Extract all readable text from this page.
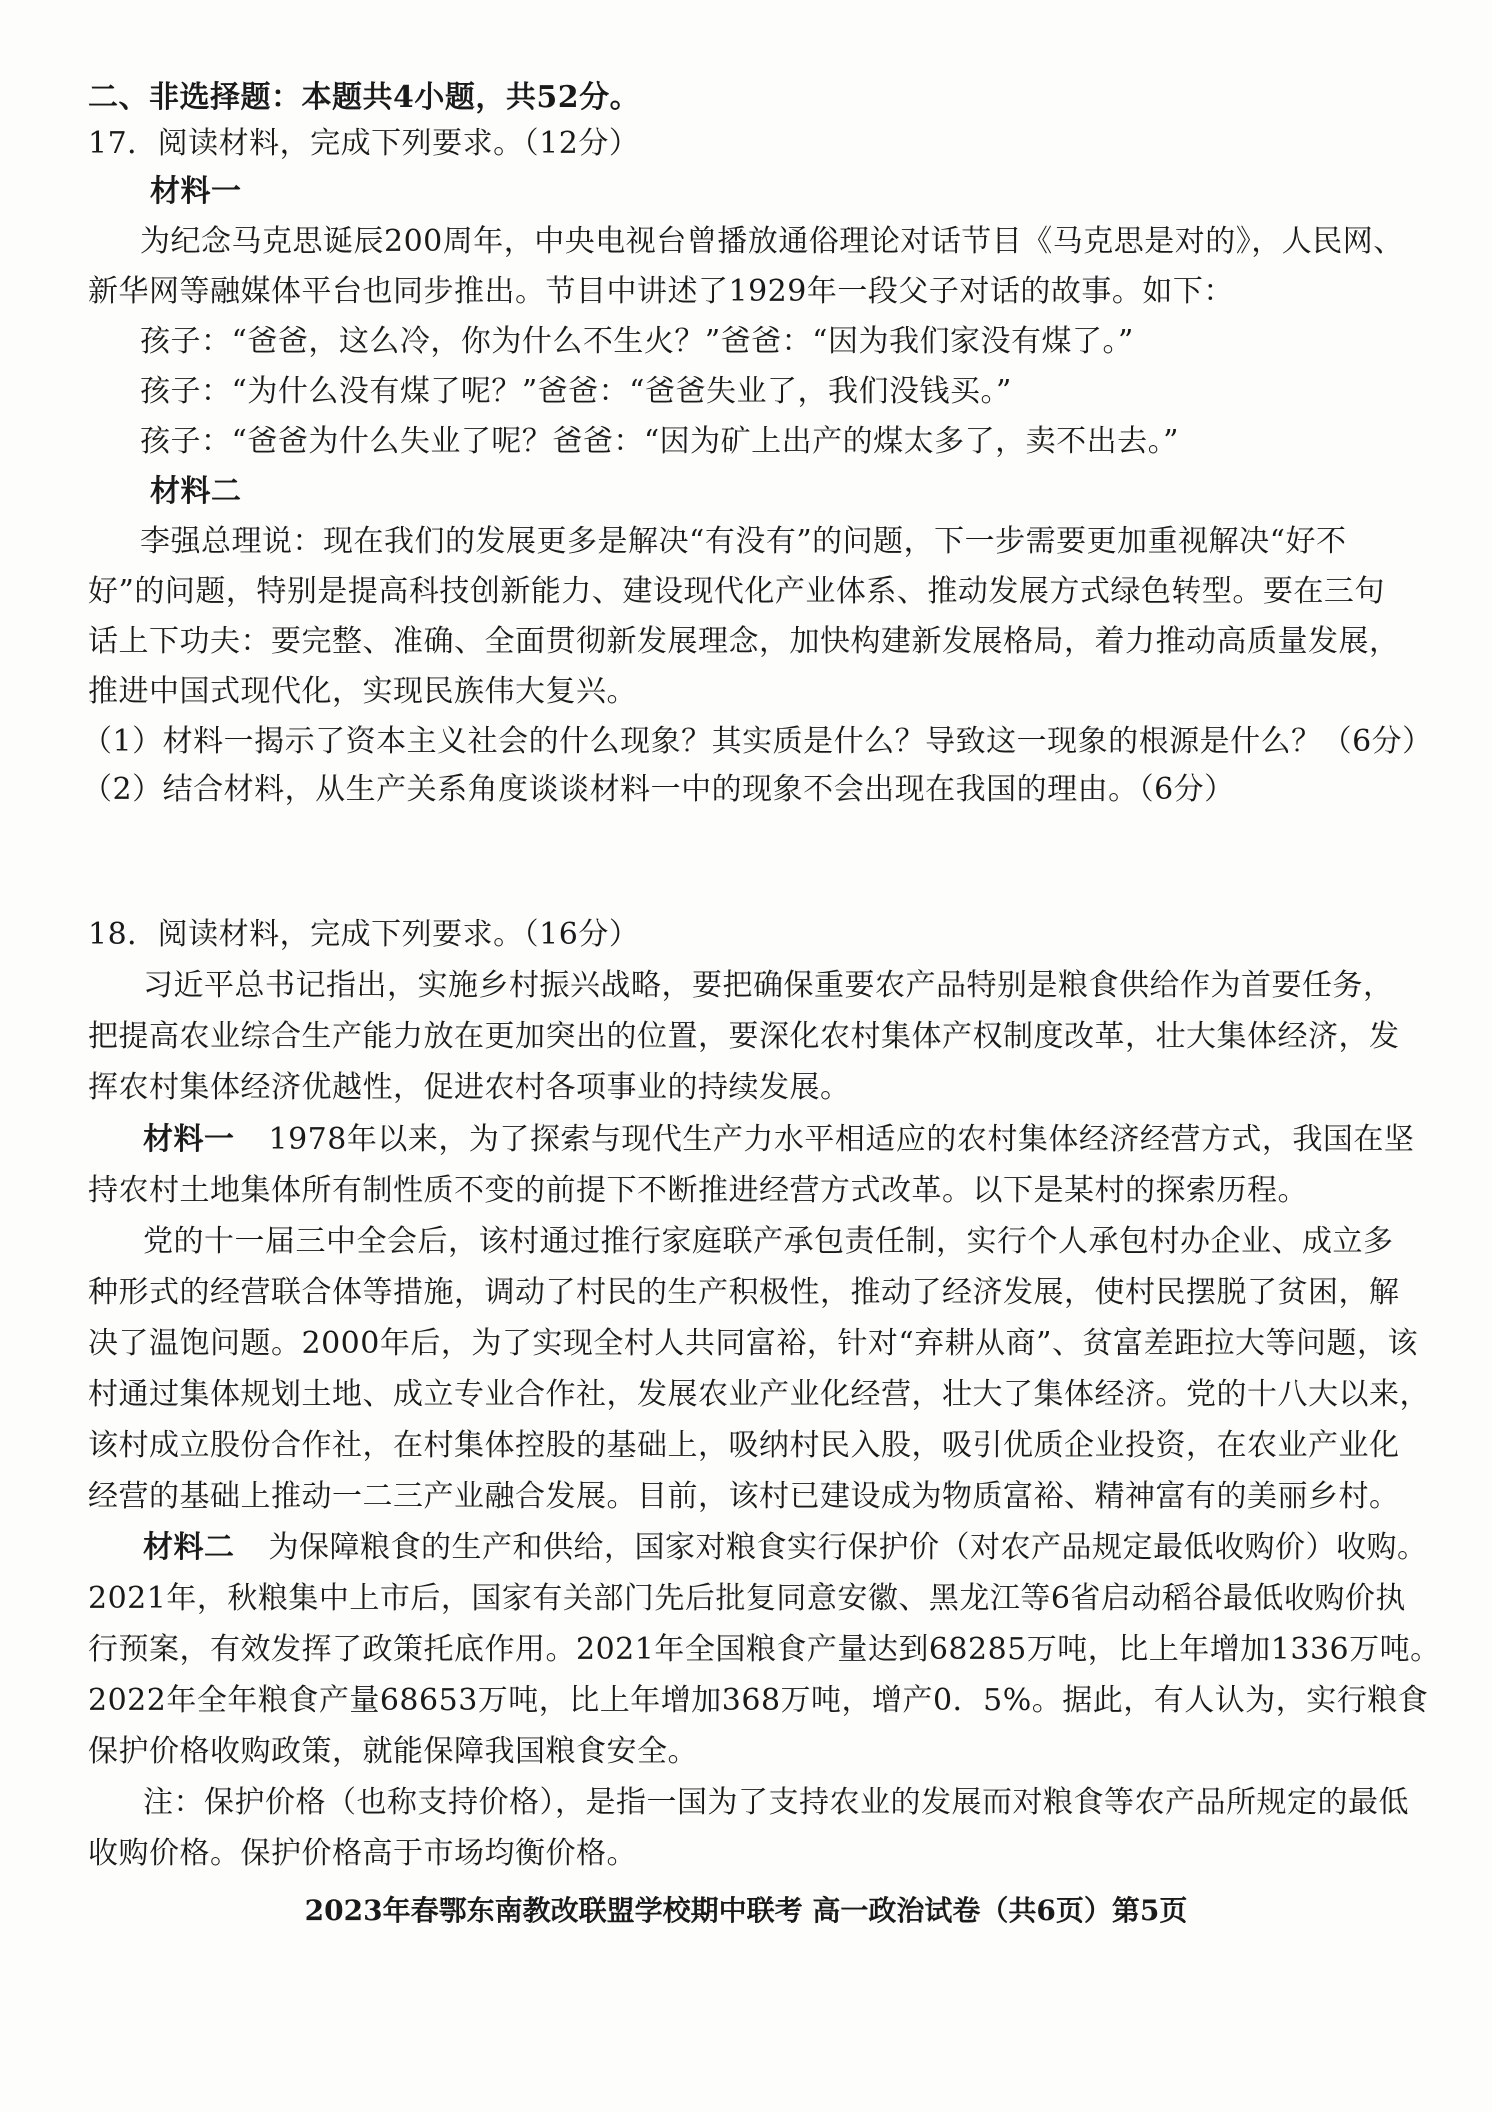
二、非选择题：本题共4小题，共52分。
17．阅读材料，完成下列要求。（12分）
材料一
为纪念马克思诞辰200周年，中央电视台曾播放通俗理论对话节目《马克思是对的》，人民网、
新华网等融媒体平台也同步推出。节目中讲述了1929年一段父子对话的故事。如下：
孩子：“爸爸，这么冷，你为什么不生火？”爸爸：“因为我们家没有煤了。”
孩子：“为什么没有煤了呢？”爸爸：“爸爸失业了，我们没钱买。”
孩子：“爸爸为什么失业了呢？爸爸：“因为矿上出产的煤太多了，卖不出去。”
材料二
李强总理说：现在我们的发展更多是解决“有没有”的问题，下一步需要更加重视解决“好不
好”的问题，特别是提高科技创新能力、建设现代化产业体系、推动发展方式绿色转型。要在三句
话上下功夫：要完整、准确、全面贯彻新发展理念，加快构建新发展格局，着力推动高质量发展，
推进中国式现代化，实现民族伟大复兴。
（1）材料一揭示了资本主义社会的什么现象？其实质是什么？导致这一现象的根源是什么？（6分）
（2）结合材料，从生产关系角度谈谈材料一中的现象不会出现在我国的理由。（6分）
18．阅读材料，完成下列要求。（16分）
习近平总书记指出，实施乡村振兴战略，要把确保重要农产品特别是粮食供给作为首要任务，
把提高农业综合生产能力放在更加突出的位置，要深化农村集体产权制度改革，壮大集体经济，发
挥农村集体经济优越性，促进农村各项事业的持续发展。
材料一 1978年以来，为了探索与现代生产力水平相适应的农村集体经济经营方式，我国在坚
持农村土地集体所有制性质不变的前提下不断推进经营方式改革。以下是某村的探索历程。
党的十一届三中全会后，该村通过推行家庭联产承包责任制，实行个人承包村办企业、成立多
种形式的经营联合体等措施，调动了村民的生产积极性，推动了经济发展，使村民摆脱了贫困，解
决了温饱问题。2000年后，为了实现全村人共同富裕，针对“弃耕从商”、贫富差距拉大等问题，该
村通过集体规划土地、成立专业合作社，发展农业产业化经营，壮大了集体经济。党的十八大以来，
该村成立股份合作社，在村集体控股的基础上，吸纳村民入股，吸引优质企业投资，在农业产业化
经营的基础上推动一二三产业融合发展。目前，该村已建设成为物质富裕、精神富有的美丽乡村。
材料二 为保障粮食的生产和供给，国家对粮食实行保护价（对农产品规定最低收购价）收购。
2021年，秋粮集中上市后，国家有关部门先后批复同意安徽、黑龙江等6省启动稻谷最低收购价执
行预案，有效发挥了政策托底作用。2021年全国粮食产量达到68285万吨，比上年增加1336万吨。
2022年全年粮食产量68653万吨，比上年增加368万吨，增产0．5%。据此，有人认为，实行粮食
保护价格收购政策，就能保障我国粮食安全。
注：保护价格（也称支持价格），是指一国为了支持农业的发展而对粮食等农产品所规定的最低
收购价格。保护价格高于市场均衡价格。
2023年春鄂东南教改联盟学校期中联考 高一政治试卷（共6页）第5页
